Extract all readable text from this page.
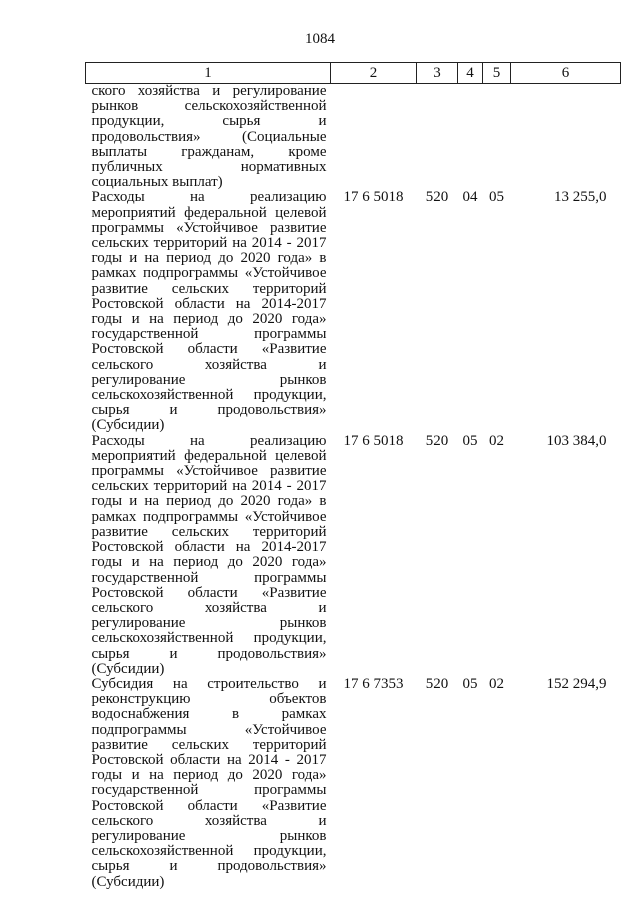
1084
1	2	3	4	5	6
ского хозяйства и регулирование рынков сельскохозяйственной продукции, сырья и продовольствия» (Социальные выплаты гражданам, кроме публичных нормативных социальных выплат)					
Расходы на реализацию мероприятий федеральной целевой программы «Устойчивое развитие сельских территорий на 2014 - 2017 годы и на период до 2020 года» в рамках подпрограммы «Устойчивое развитие сельских территорий Ростовской области на 2014-2017 годы и на период до 2020 года» государственной программы Ростовской области «Развитие сельского хозяйства и регулирование рынков сельскохозяйственной продукции, сырья и продовольствия» (Субсидии)	17 6 5018	520	04	05	13 255,0
Расходы на реализацию мероприятий федеральной целевой программы «Устойчивое развитие сельских территорий на 2014 - 2017 годы и на период до 2020 года» в рамках подпрограммы «Устойчивое развитие сельских территорий Ростовской области на 2014-2017 годы и на период до 2020 года» государственной программы Ростовской области «Развитие сельского хозяйства и регулирование рынков сельскохозяйственной продукции, сырья и продовольствия» (Субсидии)	17 6 5018	520	05	02	103 384,0
Субсидия на строительство и реконструкцию объектов водоснабжения в рамках подпрограммы «Устойчивое развитие сельских территорий Ростовской области на 2014 - 2017 годы и на период до 2020 года» государственной программы Ростовской области «Развитие сельского хозяйства и регулирование рынков сельскохозяйственной продукции, сырья и продовольствия» (Субсидии)	17 6 7353	520	05	02	152 294,9
